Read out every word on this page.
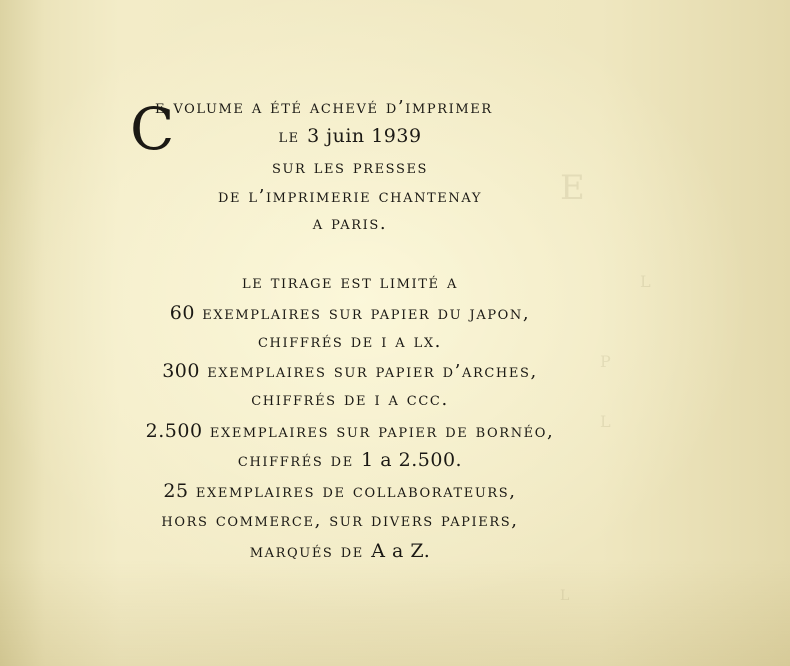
E
L
P
L
L
C
e volume a été achevé d’imprimer
le 3 juin 1939
sur les presses
de l’imprimerie chantenay
a paris.
le tirage est limité a
60 exemplaires sur papier du japon,
chiffrés de i a lx.
300 exemplaires sur papier d’arches,
chiffrés de i a ccc.
2.500 exemplaires sur papier de bornéo,
chiffrés de 1 a 2.500.
25 exemplaires de collaborateurs,
hors commerce, sur divers papiers,
marqués de A a Z.
